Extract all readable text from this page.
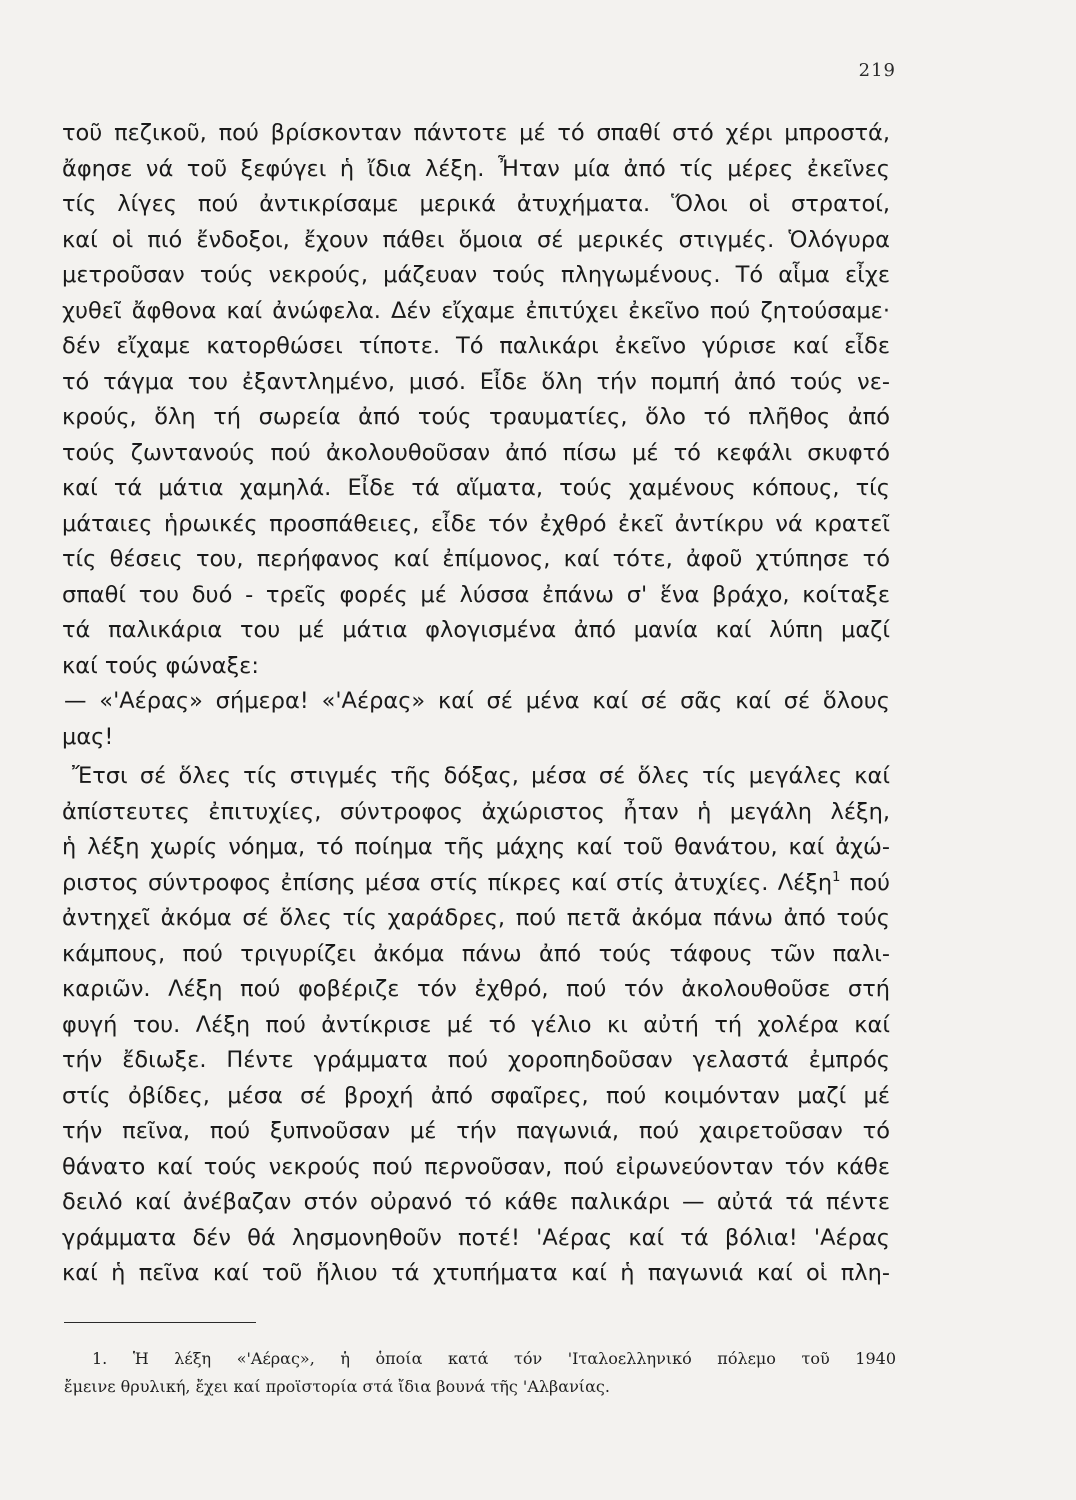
219
τοῦ πεζικοῦ, πού βρίσκονταν πάντοτε μέ τό σπαθί στό χέρι μπροστά,
ἄφησε νά τοῦ ξεφύγει ἡ ἴδια λέξη. Ἦταν μία ἀπό τίς μέρες ἐκεῖνες
τίς λίγες πού ἀντικρίσαμε μερικά ἀτυχήματα. Ὅλοι οἱ στρατοί,
καί οἱ πιό ἔνδοξοι, ἔχουν πάθει ὅμοια σέ μερικές στιγμές. Ὁλόγυρα
μετροῦσαν τούς νεκρούς, μάζευαν τούς πληγωμένους. Τό αἷμα εἶχε
χυθεῖ ἄφθονα καί ἀνώφελα. Δέν εἴχαμε ἐπιτύχει ἐκεῖνο πού ζητούσαμε·
δέν εἴχαμε κατορθώσει τίποτε. Τό παλικάρι ἐκεῖνο γύρισε καί εἶδε
τό τάγμα του ἐξαντλημένο, μισό. Εἶδε ὅλη τήν πομπή ἀπό τούς νε-
κρούς, ὅλη τή σωρεία ἀπό τούς τραυματίες, ὅλο τό πλῆθος ἀπό
τούς ζωντανούς πού ἀκολουθοῦσαν ἀπό πίσω μέ τό κεφάλι σκυφτό
καί τά μάτια χαμηλά. Εἶδε τά αἵματα, τούς χαμένους κόπους, τίς
μάταιες ἡρωικές προσπάθειες, εἶδε τόν ἐχθρό ἐκεῖ ἀντίκρυ νά κρατεῖ
τίς θέσεις του, περήφανος καί ἐπίμονος, καί τότε, ἀφοῦ χτύπησε τό
σπαθί του δυό - τρεῖς φορές μέ λύσσα ἐπάνω σ' ἕνα βράχο, κοίταξε
τά παλικάρια του μέ μάτια φλογισμένα ἀπό μανία καί λύπη μαζί
καί τούς φώναξε:
— «'Αέρας» σήμερα! «'Αέρας» καί σέ μένα καί σέ σᾶς καί σέ ὅλους
μας!
Ἔτσι σέ ὅλες τίς στιγμές τῆς δόξας, μέσα σέ ὅλες τίς μεγάλες καί
ἀπίστευτες ἐπιτυχίες, σύντροφος ἀχώριστος ἦταν ἡ μεγάλη λέξη,
ἡ λέξη χωρίς νόημα, τό ποίημα τῆς μάχης καί τοῦ θανάτου, καί ἀχώ-
ριστος σύντροφος ἐπίσης μέσα στίς πίκρες καί στίς ἀτυχίες. Λέξη$^1$ πού
ἀντηχεῖ ἀκόμα σέ ὅλες τίς χαράδρες, πού πετᾶ ἀκόμα πάνω ἀπό τούς
κάμπους, πού τριγυρίζει ἀκόμα πάνω ἀπό τούς τάφους τῶν παλι-
καριῶν. Λέξη πού φοβέριζε τόν ἐχθρό, πού τόν ἀκολουθοῦσε στή
φυγή του. Λέξη πού ἀντίκρισε μέ τό γέλιο κι αὐτή τή χολέρα καί
τήν ἔδιωξε. Πέντε γράμματα πού χοροπηδοῦσαν γελαστά ἐμπρός
στίς ὀβίδες, μέσα σέ βροχή ἀπό σφαῖρες, πού κοιμόνταν μαζί μέ
τήν πεῖνα, πού ξυπνοῦσαν μέ τήν παγωνιά, πού χαιρετοῦσαν τό
θάνατο καί τούς νεκρούς πού περνοῦσαν, πού εἰρωνεύονταν τόν κάθε
δειλό καί ἀνέβαζαν στόν οὐρανό τό κάθε παλικάρι — αὐτά τά πέντε
γράμματα δέν θά λησμονηθοῦν ποτέ! 'Αέρας καί τά βόλια! 'Αέρας
καί ἡ πεῖνα καί τοῦ ἥλιου τά χτυπήματα καί ἡ παγωνιά καί οἱ πλη-
1. Ἡ λέξη «'Αέρας», ἡ ὁποία κατά τόν 'Ιταλοελληνικό πόλεμο τοῦ 1940
ἔμεινε θρυλική, ἔχει καί προϊστορία στά ἴδια βουνά τῆς 'Αλβανίας.
